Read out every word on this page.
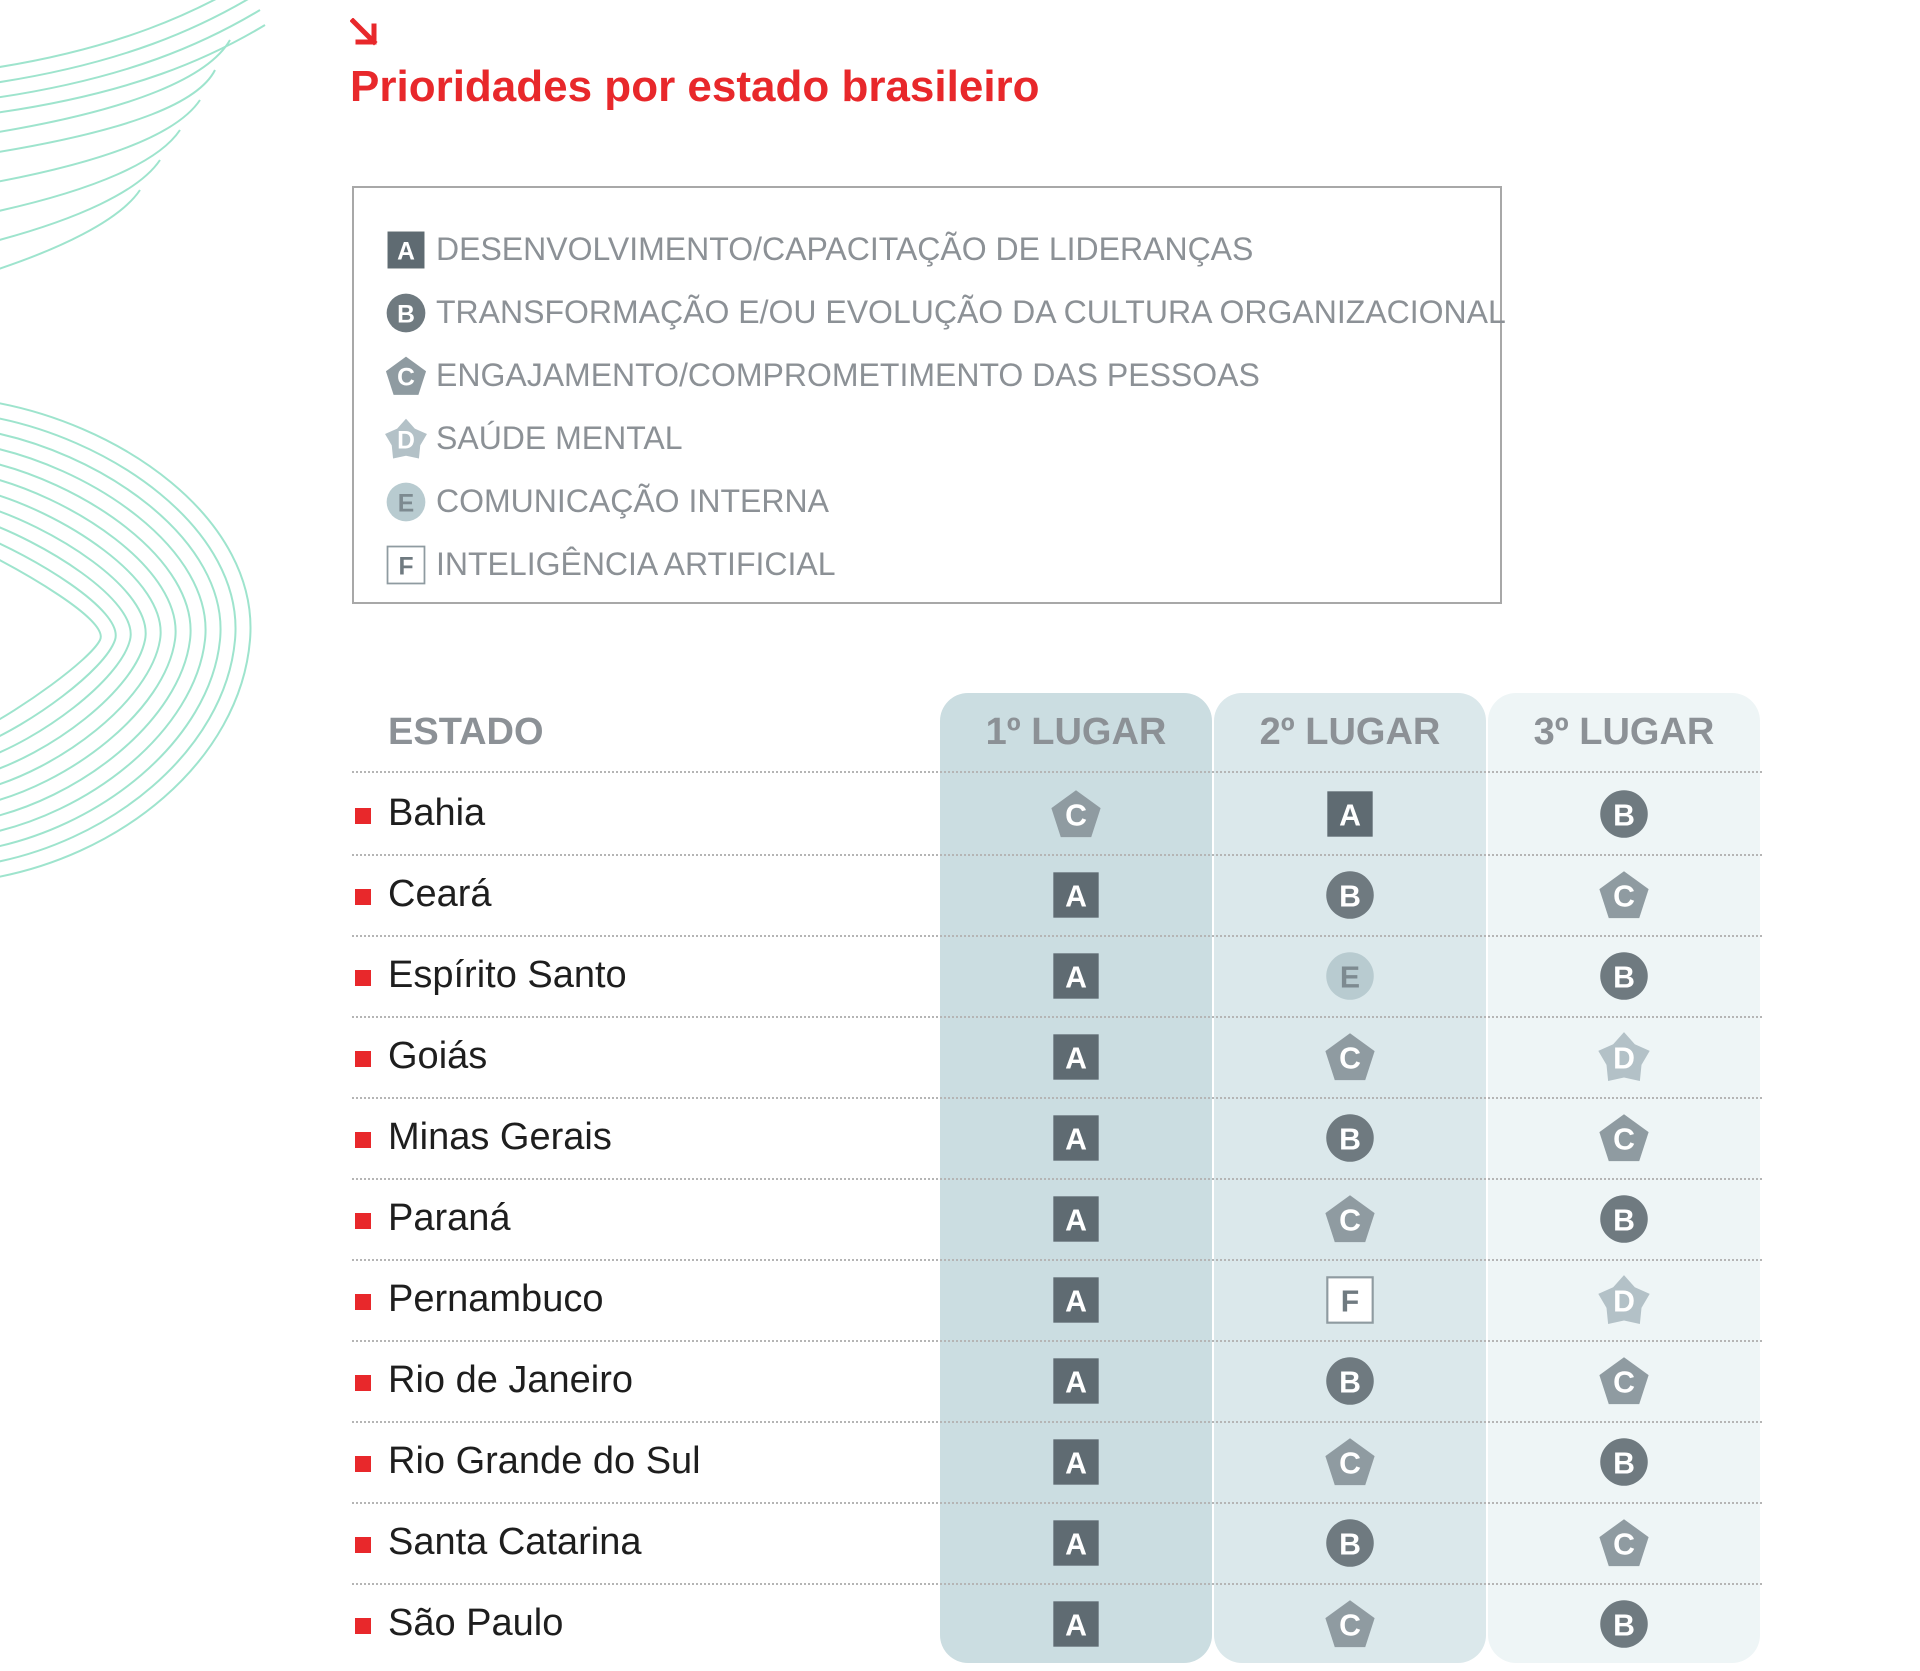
Prioridades por estado brasileiro
A DESENVOLVIMENTO/CAPACITAÇÃO DE LIDERANÇAS
B TRANSFORMAÇÃO E/OU EVOLUÇÃO DA CULTURA ORGANIZACIONAL
C ENGAJAMENTO/COMPROMETIMENTO DAS PESSOAS
D SAÚDE MENTAL
E COMUNICAÇÃO INTERNA
F INTELIGÊNCIA ARTIFICIAL
ESTADO	1º LUGAR	2º LUGAR	3º LUGAR
Bahia	C	A	B
Ceará	A	B	C
Espírito Santo	A	E	B
Goiás	A	C	D
Minas Gerais	A	B	C
Paraná	A	C	B
Pernambuco	A	F	D
Rio de Janeiro	A	B	C
Rio Grande do Sul	A	C	B
Santa Catarina	A	B	C
São Paulo	A	C	B
